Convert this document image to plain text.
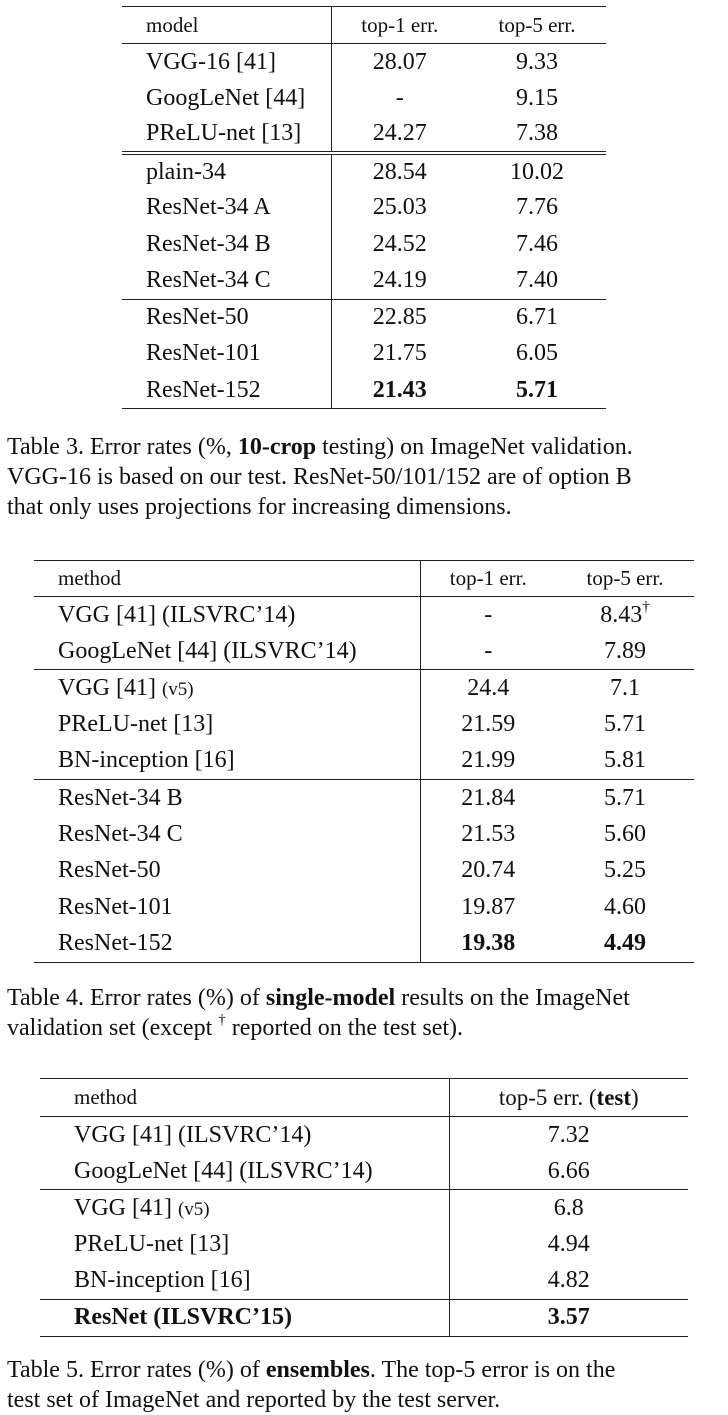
model	top-1 err.	top-5 err.
VGG-16 [41]	28.07	9.33
GoogLeNet [44]	-	9.15
PReLU-net [13]	24.27	7.38
plain-34	28.54	10.02
ResNet-34 A	25.03	7.76
ResNet-34 B	24.52	7.46
ResNet-34 C	24.19	7.40
ResNet-50	22.85	6.71
ResNet-101	21.75	6.05
ResNet-152	21.43	5.71

Table 3. Error rates (%, 10-crop testing) on ImageNet validation.

VGG-16 is based on our test. ResNet-50/101/152 are of option B

that only uses projections for increasing dimensions.

method	top-1 err.	top-5 err.
VGG [41] (ILSVRC’14)	-	8.43†
GoogLeNet [44] (ILSVRC’14)	-	7.89
VGG [41] (v5)	24.4	7.1
PReLU-net [13]	21.59	5.71
BN-inception [16]	21.99	5.81
ResNet-34 B	21.84	5.71
ResNet-34 C	21.53	5.60
ResNet-50	20.74	5.25
ResNet-101	19.87	4.60
ResNet-152	19.38	4.49

Table 4. Error rates (%) of single-model results on the ImageNet

validation set (except † reported on the test set).

method	top-5 err. (test)
VGG [41] (ILSVRC’14)	7.32
GoogLeNet [44] (ILSVRC’14)	6.66
VGG [41] (v5)	6.8
PReLU-net [13]	4.94
BN-inception [16]	4.82
ResNet (ILSVRC’15)	3.57

Table 5. Error rates (%) of ensembles. The top-5 error is on the

test set of ImageNet and reported by the test server.
